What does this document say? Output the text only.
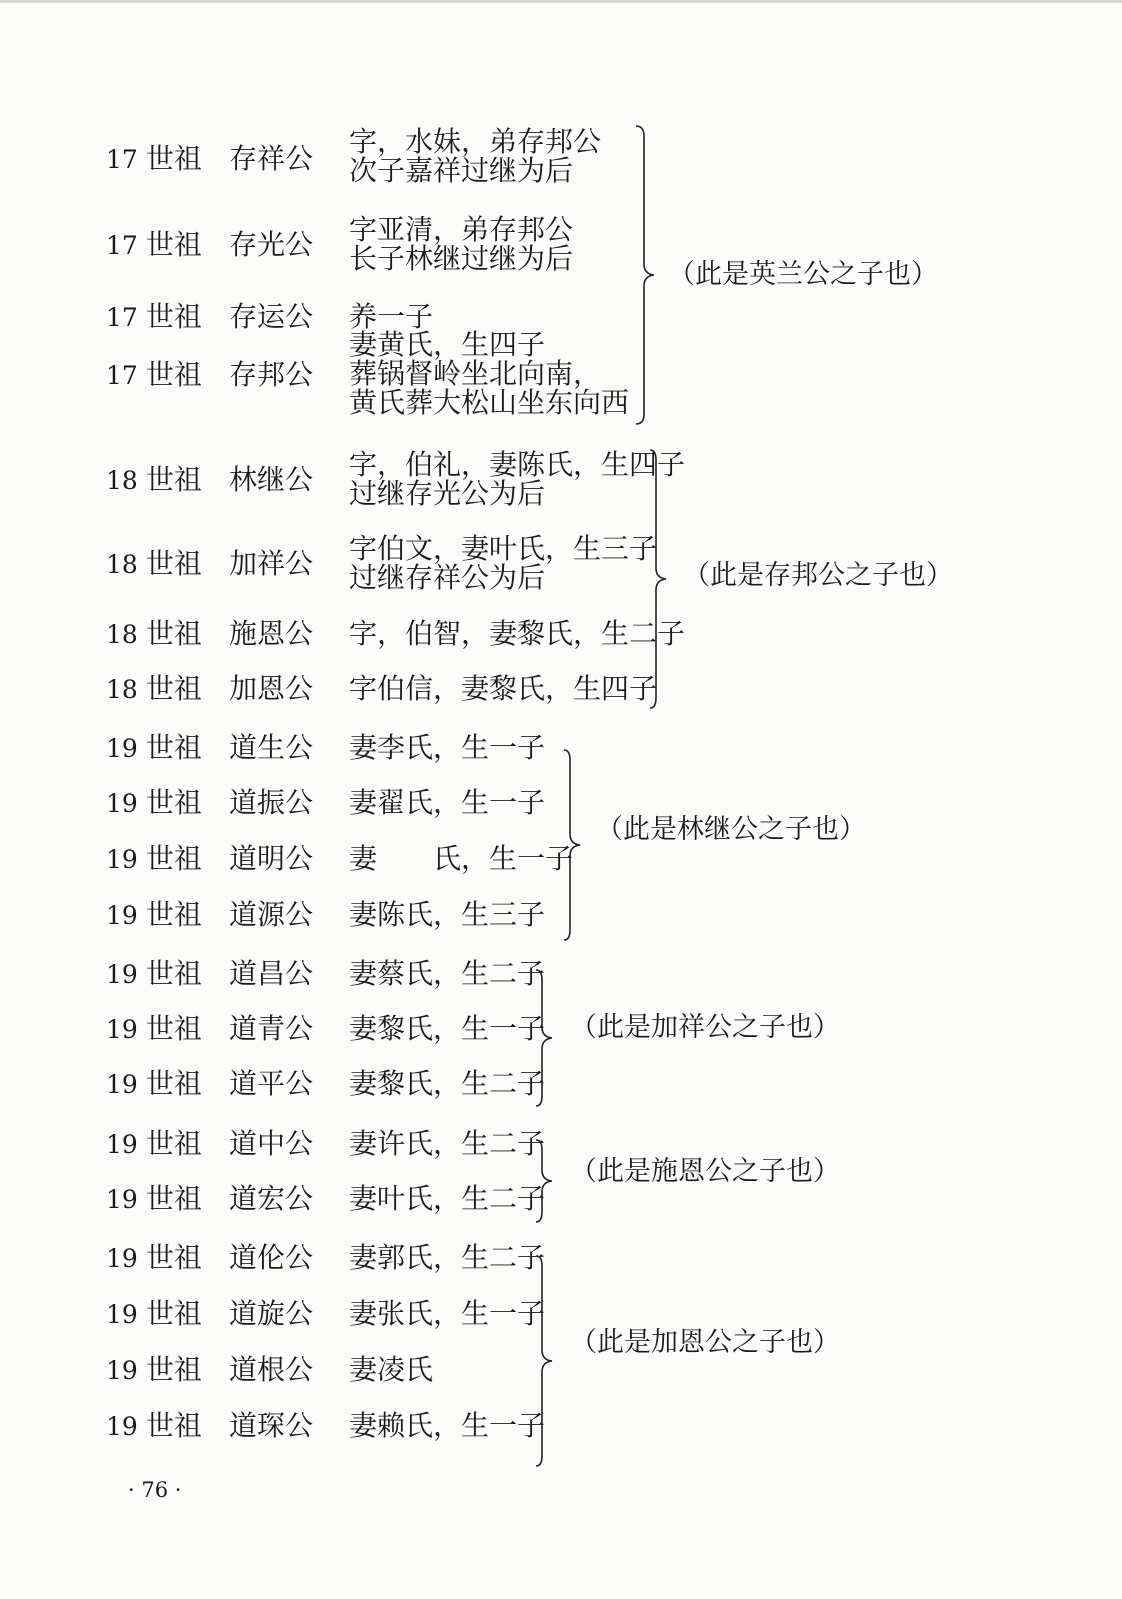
17 世祖 存祥公
字，水妹，弟存邦公
次子嘉祥过继为后
17 世祖 存光公 字亚清，弟存邦公
长子林继过继为后
17 世祖 存运公 养一子
17 世祖 存邦公
妻黄氏，生四子
葬锅督岭坐北向南，
黄氏葬大松山坐东向西
（此是英兰公之子也）
18 世祖 林继公 字，伯礼，妻陈氏，生四子
过继存光公为后
18 世祖 加祥公 字伯文，妻叶氏，生三子
过继存祥公为后
18 世祖 施恩公 字，伯智，妻黎氏，生二子
18 世祖 加恩公 字伯信，妻黎氏，生四子
（此是存邦公之子也）
19 世祖 道生公 妻李氏，生一子
19 世祖 道振公 妻翟氏，生一子
19 世祖 道明公 妻　　氏，生一子
19 世祖 道源公 妻陈氏，生三子
（此是林继公之子也）
19 世祖 道昌公 妻蔡氏，生二子
19 世祖 道青公 妻黎氏，生一子
19 世祖 道平公 妻黎氏，生二子
（此是加祥公之子也）
19 世祖 道中公 妻许氏，生二子
19 世祖 道宏公 妻叶氏，生二子
（此是施恩公之子也）
19 世祖 道伦公 妻郭氏，生二子
19 世祖 道旋公 妻张氏，生一子
19 世祖 道根公 妻凌氏
19 世祖 道琛公 妻赖氏，生一子
（此是加恩公之子也）
· 76 ·
